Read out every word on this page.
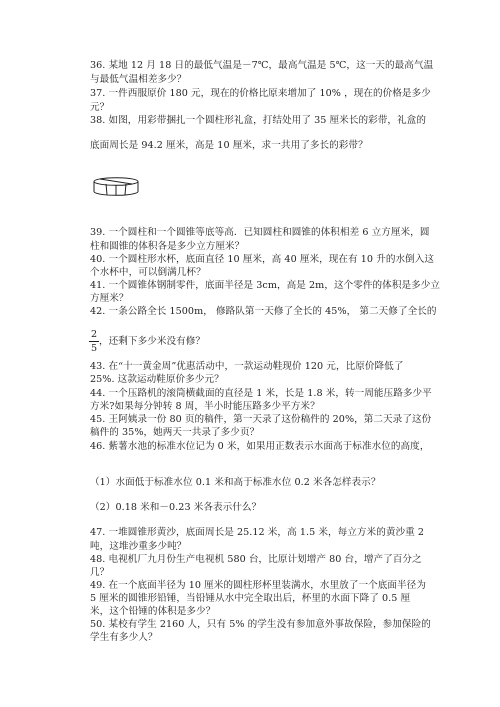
36. 某地 12 月 18 日的最低气温是－7℃，最高气温是 5℃，这一天的最高气温
与最低气温相差多少？
37. 一件西服原价 180 元，现在的价格比原来增加了 10% ，现在的价格是多少
元？
38. 如图，用彩带捆扎一个圆柱形礼盒，打结处用了 35 厘米长的彩带，礼盒的
底面周长是 94.2 厘米，高是 10 厘米，求一共用了多长的彩带？
39. 一个圆柱和一个圆锥等底等高．已知圆柱和圆锥的体积相差 6 立方厘米，圆
柱和圆锥的体积各是多少立方厘米？
40. 一个圆柱形水杯，底面直径 10 厘米，高 40 厘米，现在有 10 升的水倒入这
个水杯中，可以倒满几杯？
41. 一个圆锥体钢制零件，底面半径是 3cm，高是 2m，这个零件的体积是多少立
方厘米？
42. 一条公路全长 1500m， 修路队第一天修了全长的 45%， 第二天修了全长的
2
5
，还剩下多少米没有修？
43. 在“十一黄金周”优惠活动中，一款运动鞋现价 120 元，比原价降低了
25%. 这款运动鞋原价多少元？
44. 一个压路机的滚筒横截面的直径是 1 米，长是 1.8 米，转一周能压路多少平
方米?如果每分钟转 8 周，半小时能压路多少平方米？
45. 王阿姨录一份 80 页的稿件，第一天录了这份稿件的 20%，第二天录了这份
稿件的 35%，她两天一共录了多少页？
46. 紫薯水池的标准水位记为 0 米，如果用正数表示水面高于标准水位的高度，
（1）水面低于标准水位 0.1 米和高于标准水位 0.2 米各怎样表示？
（2）0.18 米和－0.23 米各表示什么？
47. 一堆圆锥形黄沙，底面周长是 25.12 米，高 1.5 米，每立方米的黄沙重 2
吨，这堆沙重多少吨？
48. 电视机厂九月份生产电视机 580 台，比原计划增产 80 台，增产了百分之
几？
49. 在一个底面半径为 10 厘米的圆柱形杯里装满水，水里放了一个底面半径为
5 厘米的圆锥形铅锤，当铅锤从水中完全取出后，杯里的水面下降了 0.5 厘
米，这个铅锤的体积是多少？
50. 某校有学生 2160 人，只有 5% 的学生没有参加意外事故保险，参加保险的
学生有多少人？
